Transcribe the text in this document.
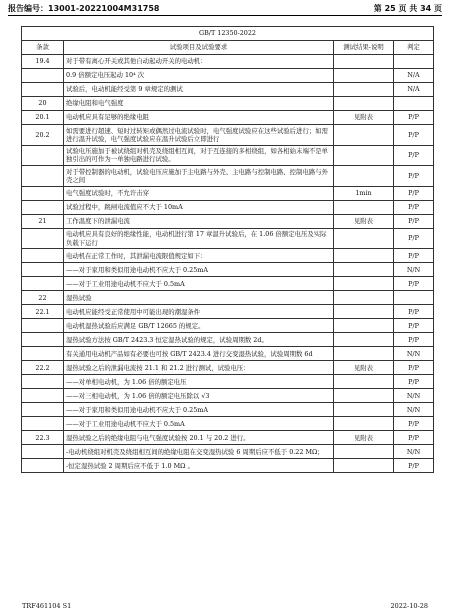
报告编号：13001-20221004M31758	第 25 页 共 34 页
GB/T 12350-2022			
条款	试验项目及试验要求	测试结果-说明	判定
19.4	对于带有离心开关或其他自动起动开关的电动机：		
	0.9 倍额定电压起动 10⁴ 次		N/A
	试验后，电动机能经受第 9 章规定的测试		N/A
20	绝缘电阻和电气强度		
20.1	电动机应具有足够的绝缘电阻	见附表	P/P
20.2	如需要进行超速、短时过转矩或偶然过电流试验时，电气强度试验应在这些试验后进行；如需进行温升试验，电气强度试验应在温升试验后立即进行		P/P
	试验电压施加于被试绕组对机壳及绕组相互间，对于互连接的多相绕组，如各相始末端不是单独引出的可作为一单独电路进行试验。		P/P
	对于带控制器的电动机，试验电压应施加于主电路与外壳、主电路与控制电路、控制电路与外壳之间		P/P
	电气强度试验时，不允许击穿	1min	P/P
	试验过程中，跳闸电流值应不大于 10mA		P/P
21	工作温度下的泄漏电流	见附表	P/P
	电动机应具有良好的绝缘性能，电动机进行第 17 章温升试验后，在 1.06 倍额定电压及实际负载下运行		P/P
	电动机在正常工作时，其泄漏电流限值规定如下：		P/P
	——对于家用和类似用途电动机不应大于 0.25mA		N/N
	——对于工业用途电动机不应大于 0.5mA		P/P
22	湿热试验		
22.1	电动机应能经受正常使用中可能出现的潮湿条件		P/P
	电动机湿热试验后应满足 GB/T 12665 的规定。		P/P
	湿热试验方法按 GB/T 2423.3 恒定湿热试验的规定，试验周期数 2d。		P/P
	有关通用电动机产品如有必要也可按 GB/T 2423.4 进行交变湿热试验，试验周期数 6d		N/N
22.2	湿热试验之后的泄漏电流按 21.1 和 21.2 进行测试，试验电压：	见附表	P/P
	——对单相电动机，为 1.06 倍的额定电压		P/P
	——对三相电动机，为 1.06 倍的额定电压除以 √3		N/N
	——对于家用和类似用途电动机不应大于 0.25mA		N/N
	——对于工业用途电动机不应大于 0.5mA		P/P
22.3	湿热试验之后的绝缘电阻与电气强度试验按 20.1 与 20.2 进行。	见附表	P/P
	-电动机绕组对机壳及绕组相互间的绝缘电阻在交变湿热试验 6 周期后应不低于 0.22 MΩ；		N/N
	-恒定湿热试验 2 周期后应不低于 1.0 MΩ 。		P/P
TRF461104 S1	2022-10-28
